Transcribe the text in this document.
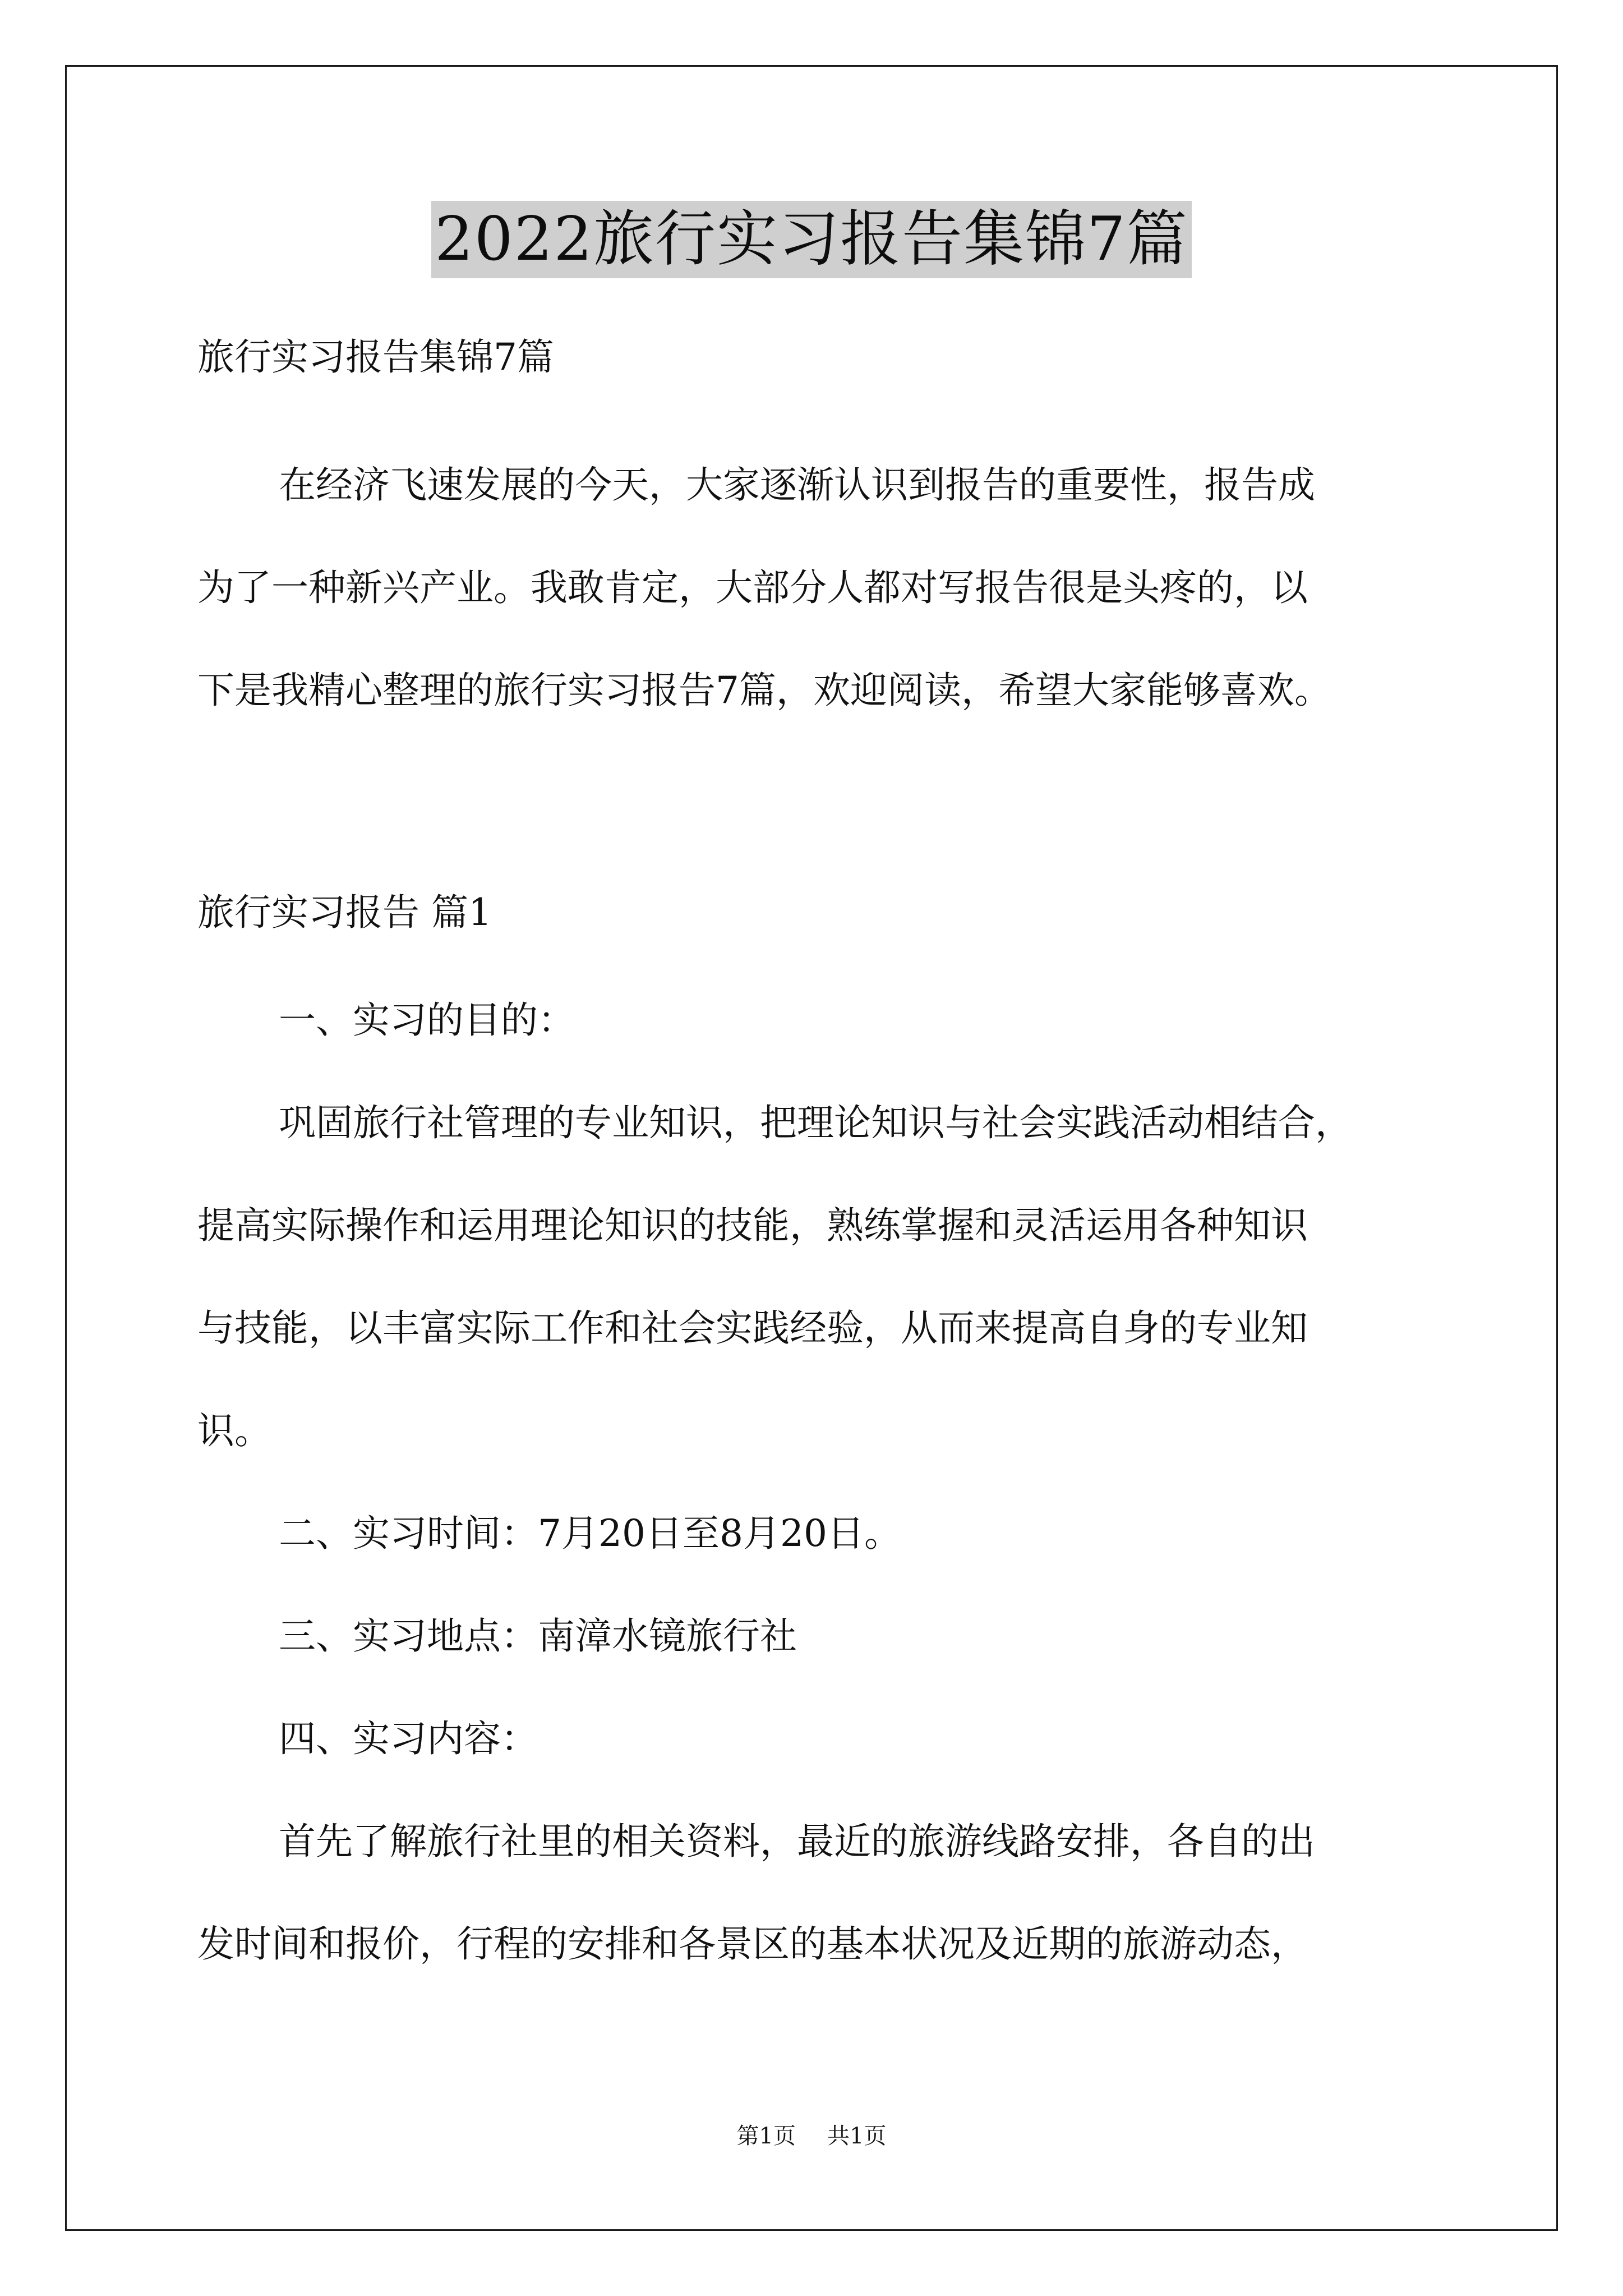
2022旅行实习报告集锦7篇
旅行实习报告集锦7篇
在经济飞速发展的今天，大家逐渐认识到报告的重要性，报告成
为了一种新兴产业。我敢肯定，大部分人都对写报告很是头疼的，以
下是我精心整理的旅行实习报告7篇，欢迎阅读，希望大家能够喜欢。
旅行实习报告 篇1
一、实习的目的：
巩固旅行社管理的专业知识，把理论知识与社会实践活动相结合，
提高实际操作和运用理论知识的技能，熟练掌握和灵活运用各种知识
与技能，以丰富实际工作和社会实践经验，从而来提高自身的专业知
识。
二、实习时间：7月20日至8月20日。
三、实习地点：南漳水镜旅行社
四、实习内容：
首先了解旅行社里的相关资料，最近的旅游线路安排，各自的出
发时间和报价，行程的安排和各景区的基本状况及近期的旅游动态，
第1页 共1页
